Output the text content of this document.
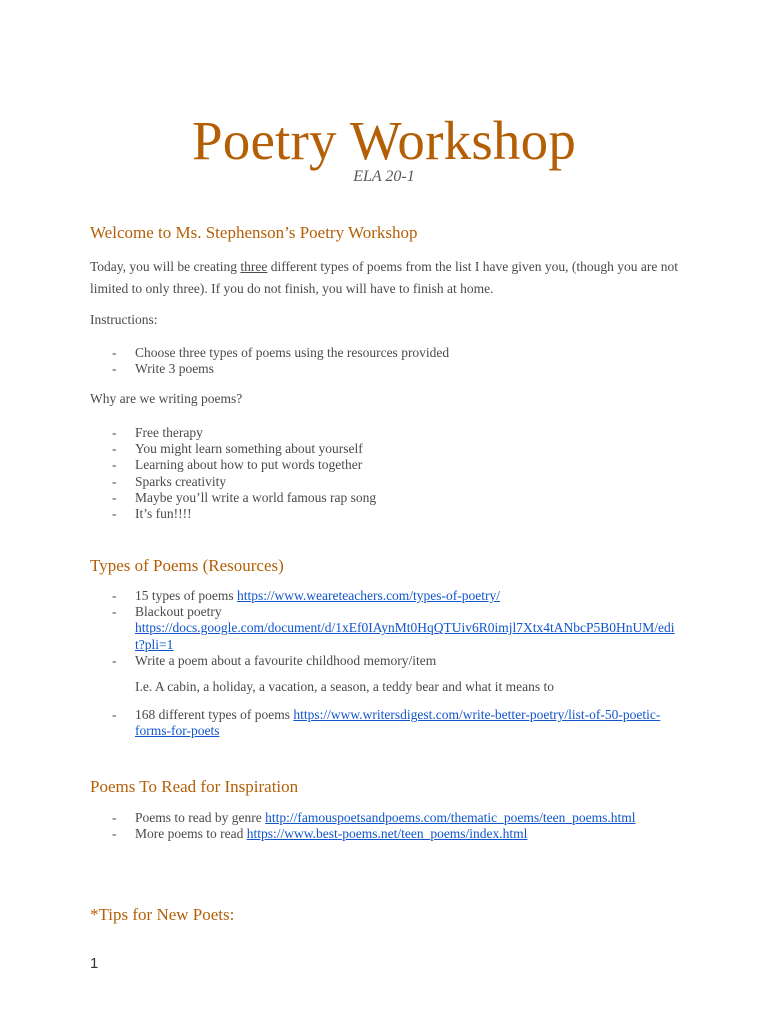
Poetry Workshop
ELA 20-1
Welcome to Ms. Stephenson’s Poetry Workshop
Today, you will be creating three different types of poems from the list I have given you, (though you are not limited to only three). If you do not finish, you will have to finish at home.
Instructions:
- Choose three types of poems using the resources provided
- Write 3 poems
Why are we writing poems?
- Free therapy
- You might learn something about yourself
- Learning about how to put words together
- Sparks creativity
- Maybe you’ll write a world famous rap song
- It’s fun!!!!
Types of Poems (Resources)
- 15 types of poems https://www.weareteachers.com/types-of-poetry/
- Blackout poetry
https://docs.google.com/document/d/1xEf0IAynMt0HqQTUiv6R0imjl7Xtx4tANbcP5B0HnUM/edit?pli=1
- Write a poem about a favourite childhood memory/item
I.e. A cabin, a holiday, a vacation, a season, a teddy bear and what it means to
- 168 different types of poems https://www.writersdigest.com/write-better-poetry/list-of-50-poetic-forms-for-poets
Poems To Read for Inspiration
- Poems to read by genre http://famouspoetsandpoems.com/thematic_poems/teen_poems.html
- More poems to read https://www.best-poems.net/teen_poems/index.html
*Tips for New Poets:
1
